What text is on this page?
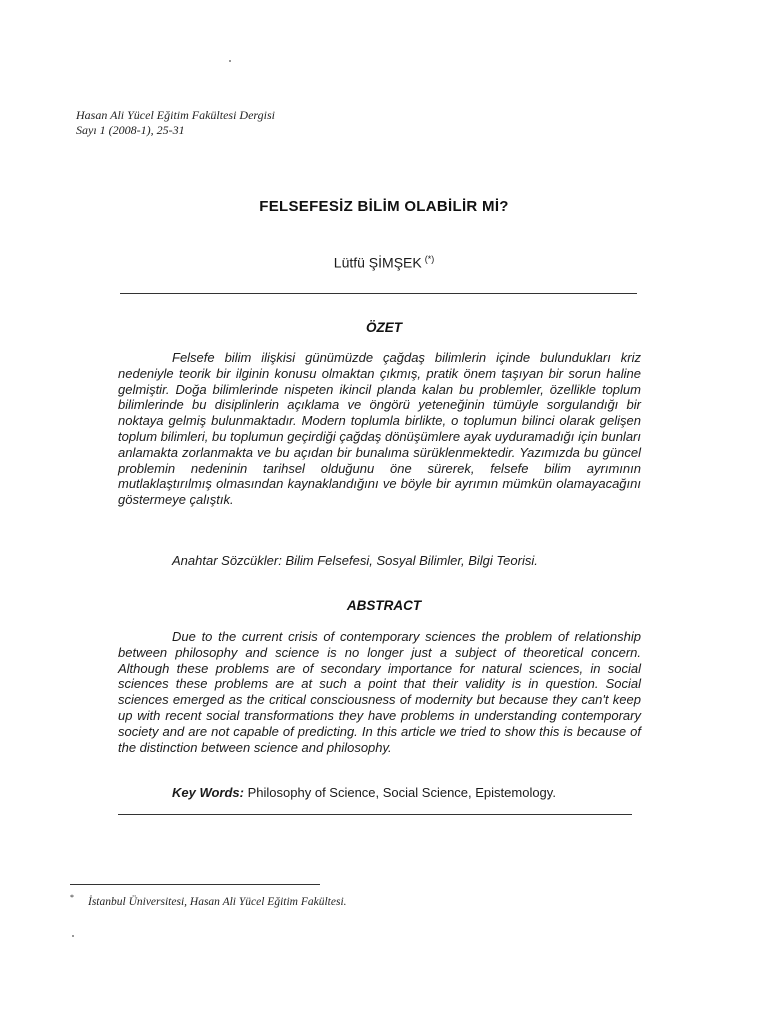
Hasan Ali Yücel Eğitim Fakültesi Dergisi
Sayı 1 (2008-1), 25-31
FELSEFESİZ BİLİM OLABİLİR Mİ?
Lütfü ŞİMŞEK (*)
ÖZET
Felsefe bilim ilişkisi günümüzde çağdaş bilimlerin içinde bulundukları kriz nedeniyle teorik bir ilginin konusu olmaktan çıkmış, pratik önem taşıyan bir sorun haline gelmiştir. Doğa bilimlerinde nispeten ikincil planda kalan bu problemler, özellikle toplum bilimlerinde bu disiplinlerin açıklama ve öngörü yeteneğinin tümüyle sorgulandığı bir noktaya gelmiş bulunmaktadır. Modern toplumla birlikte, o toplumun bilinci olarak gelişen toplum bilimleri, bu toplumun geçirdiği çağdaş dönüşümlere ayak uyduramadığı için bunları anlamakta zorlanmakta ve bu açıdan bir bunalıma sürüklenmektedir. Yazımızda bu güncel problemin nedeninin tarihsel olduğunu öne sürerek, felsefe bilim ayrımının mutlaklaştırılmış olmasından kaynaklandığını ve böyle bir ayrımın mümkün olamayacağını göstermeye çalıştık.
Anahtar Sözcükler: Bilim Felsefesi, Sosyal Bilimler, Bilgi Teorisi.
ABSTRACT
Due to the current crisis of contemporary sciences the problem of relationship between philosophy and science is no longer just a subject of theoretical concern. Although these problems are of secondary importance for natural sciences, in social sciences these problems are at such a point that their validity is in question. Social sciences emerged as the critical consciousness of modernity but because they can't keep up with recent social transformations they have problems in understanding contemporary society and are not capable of predicting. In this article we tried to show this is because of the distinction between science and philosophy.
Key Words: Philosophy of Science, Social Science, Epistemology.
* İstanbul Üniversitesi, Hasan Ali Yücel Eğitim Fakültesi.
